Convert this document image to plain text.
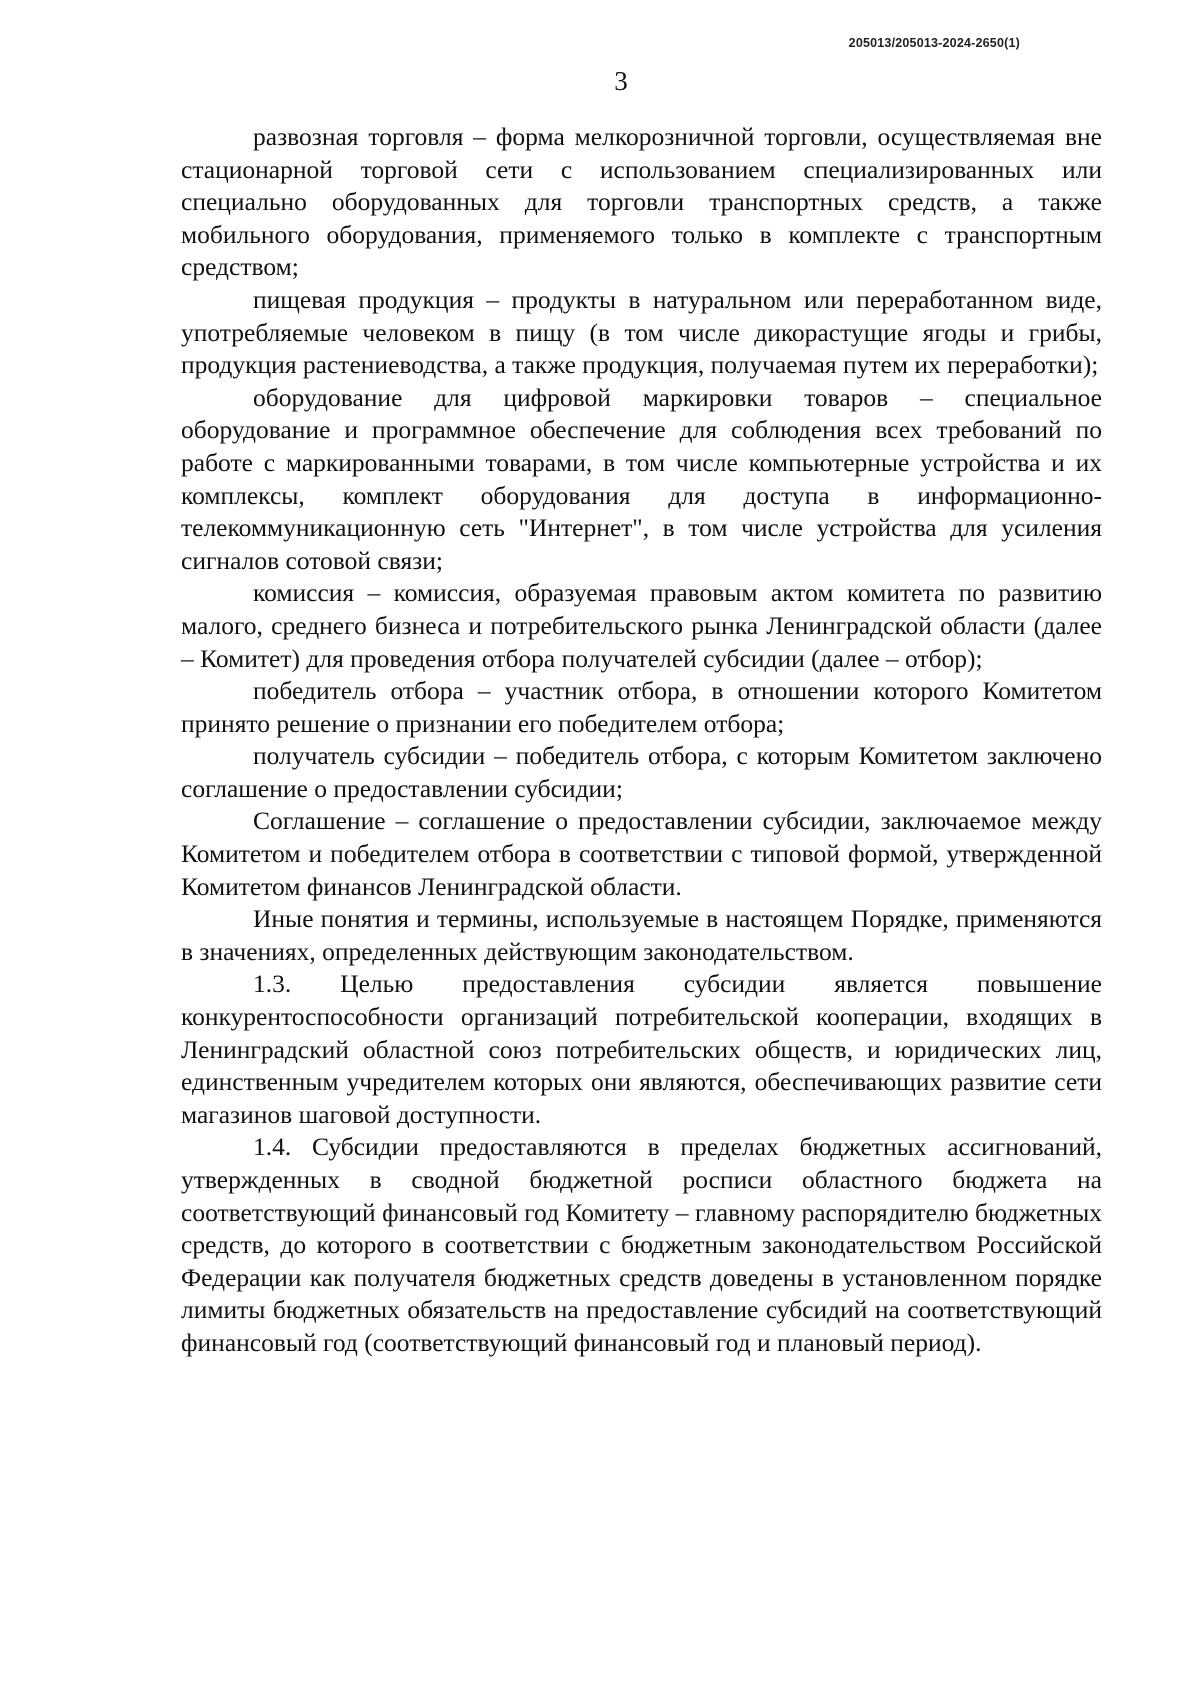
205013/205013-2024-2650(1)
3

развозная торговля – форма мелкорозничной торговли, осуществляемая вне стационарной торговой сети с использованием специализированных или специально оборудованных для торговли транспортных средств, а также мобильного оборудования, применяемого только в комплекте с транспортным средством;

пищевая продукция – продукты в натуральном или переработанном виде, употребляемые человеком в пищу (в том числе дикорастущие ягоды и грибы, продукция растениеводства, а также продукция, получаемая путем их переработки);

оборудование для цифровой маркировки товаров – специальное оборудование и программное обеспечение для соблюдения всех требований по работе с маркированными товарами, в том числе компьютерные устройства и их комплексы, комплект оборудования для доступа в информационно-телекоммуникационную сеть "Интернет", в том числе устройства для усиления сигналов сотовой связи;

комиссия – комиссия, образуемая правовым актом комитета по развитию малого, среднего бизнеса и потребительского рынка Ленинградской области (далее – Комитет) для проведения отбора получателей субсидии (далее – отбор);

победитель отбора – участник отбора, в отношении которого Комитетом принято решение о признании его победителем отбора;

получатель субсидии – победитель отбора, с которым Комитетом заключено соглашение о предоставлении субсидии;

Соглашение – соглашение о предоставлении субсидии, заключаемое между Комитетом и победителем отбора в соответствии с типовой формой, утвержденной Комитетом финансов Ленинградской области.

Иные понятия и термины, используемые в настоящем Порядке, применяются в значениях, определенных действующим законодательством.

1.3. Целью предоставления субсидии является повышение конкурентоспособности организаций потребительской кооперации, входящих в Ленинградский областной союз потребительских обществ, и юридических лиц, единственным учредителем которых они являются, обеспечивающих развитие сети магазинов шаговой доступности.

1.4. Субсидии предоставляются в пределах бюджетных ассигнований, утвержденных в сводной бюджетной росписи областного бюджета на соответствующий финансовый год Комитету – главному распорядителю бюджетных средств, до которого в соответствии с бюджетным законодательством Российской Федерации как получателя бюджетных средств доведены в установленном порядке лимиты бюджетных обязательств на предоставление субсидий на соответствующий финансовый год (соответствующий финансовый год и плановый период).
